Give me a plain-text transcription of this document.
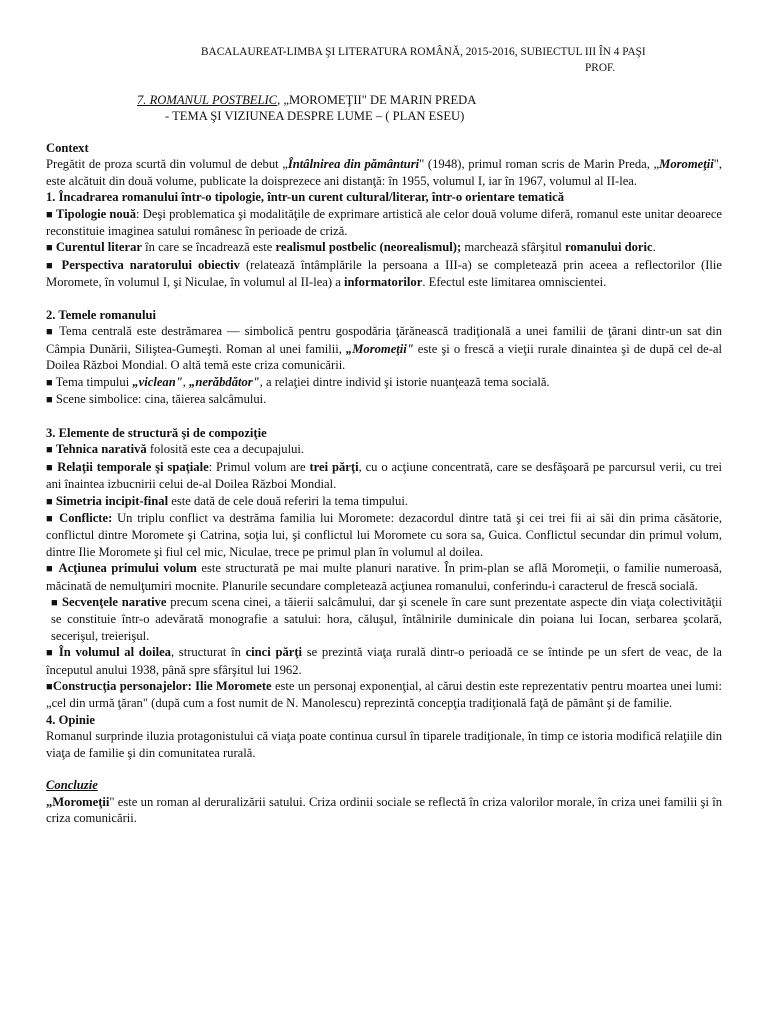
BACALAUREAT-LIMBA ŞI LITERATURA ROMÂNĂ, 2015-2016, SUBIECTUL III ÎN 4 PAŞI
PROF.
7. ROMANUL POSTBELIC, „MOROMEŢII" DE MARIN PREDA
- TEMA ŞI VIZIUNEA DESPRE LUME – ( PLAN ESEU)

Context

Pregătit de proza scurtă din volumul de debut „Întâlnirea din pământuri" (1948), primul roman scris de Marin Preda, „Moromeţii", este alcătuit din două volume, publicate la doisprezece ani distanţă: în 1955, volumul I, iar în 1967, volumul al II-lea.

1. Încadrarea romanului într-o tipologie, într-un curent cultural/literar, într-o orientare tematică

■ Tipologie nouă: Deşi problematica şi modalităţile de exprimare artistică ale celor două volume diferă, romanul este unitar deoarece reconstituie imaginea satului românesc în perioade de criză.

■ Curentul literar în care se încadrează este realismul postbelic (neorealismul); marchează sfârşitul romanului doric.

■ Perspectiva naratorului obiectiv (relatează întâmplările la persoana a III-a) se completează prin aceea a reflectorilor (Ilie Moromete, în volumul I, şi Niculae, în volumul al II-lea) a informatorilor. Efectul este limitarea omniscientei.

2. Temele romanului

■ Tema centrală este destrămarea — simbolică pentru gospodăria ţărănească tradiţională a unei familii de ţărani dintr-un sat din Câmpia Dunării, Siliştea-Gumeşti. Roman al unei familii, „Moromeţii" este şi o frescă a vieţii rurale dinaintea şi de după cel de-al Doilea Război Mondial. O altă temă este criza comunicării.

■ Tema timpului „viclean", „nerăbdător", a relaţiei dintre individ şi istorie nuanţează tema socială.

■ Scene simbolice: cina, tăierea salcâmului.

3. Elemente de structură şi de compoziţie

■ Tehnica narativă folosită este cea a decupajului.

■ Relaţii temporale şi spaţiale: Primul volum are trei părţi, cu o acţiune concentrată, care se desfăşoară pe parcursul verii, cu trei ani înaintea izbucnirii celui de-al Doilea Război Mondial.

■ Simetria incipit-final este dată de cele două referiri la tema timpului.

■ Conflicte: Un triplu conflict va destrăma familia lui Moromete: dezacordul dintre tată şi cei trei fii ai săi din prima căsătorie, conflictul dintre Moromete şi Catrina, soţia lui, şi conflictul lui Moromete cu sora sa, Guica. Conflictul secundar din primul volum, dintre Ilie Moromete şi fiul cel mic, Niculae, trece pe primul plan în volumul al doilea.

■ Acţiunea primului volum este structurată pe mai multe planuri narative. În prim-plan se află Moromeţii, o familie numeroasă, măcinată de nemulţumiri mocnite. Planurile secundare completează acţiunea romanului, conferindu-i caracterul de frescă socială.

■ Secvenţele narative precum scena cinei, a tăierii salcâmului, dar şi scenele în care sunt prezentate aspecte din viaţa colectivităţii se constituie într-o adevărată monografie a satului: hora, căluşul, întâlnirile duminicale din poiana lui Iocan, serbarea şcolară, secerişul, treierişul.

■ În volumul al doilea, structurat în cinci părţi se prezintă viaţa rurală dintr-o perioadă ce se întinde pe un sfert de veac, de la începutul anului 1938, până spre sfârşitul lui 1962.

■Construcţia personajelor: Ilie Moromete este un personaj exponenţial, al cărui destin este reprezentativ pentru moartea unei lumi: „cel din urmă ţăran" (după cum a fost numit de N. Manolescu) reprezintă concepţia tradiţională faţă de pământ şi de familie.

4. Opinie

Romanul surprinde iluzia protagonistului că viaţa poate continua cursul în tiparele tradiţionale, în timp ce istoria modifică relaţiile din viaţa de familie şi din comunitatea rurală.

Concluzie

„Moromeţii" este un roman al deruralizării satului. Criza ordinii sociale se reflectă în criza valorilor morale, în criza unei familii şi în criza comunicării.
